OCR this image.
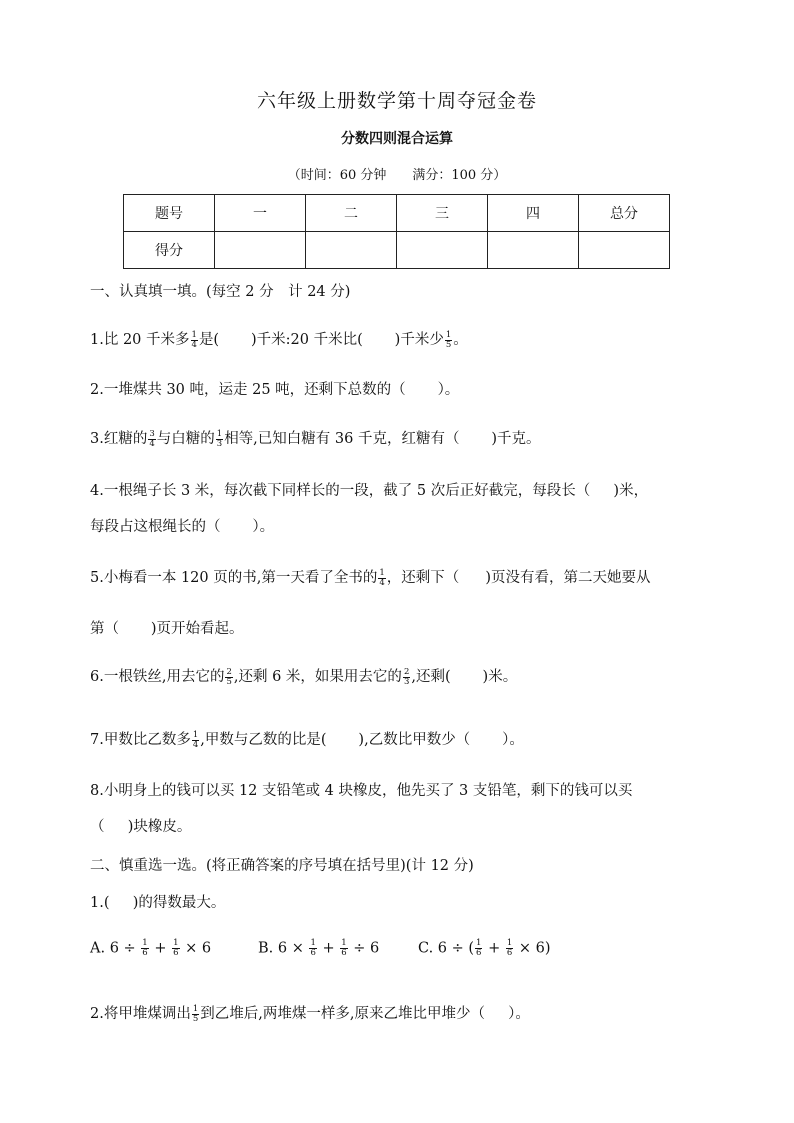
六年级上册数学第十周夺冠金卷
分数四则混合运算
（时间：60 分钟　　满分：100 分）
题号	一	二	三	四	总分
得分					
一、认真填一填。(每空 2 分　计 24 分)
1.比 20 千米多 $\frac{1}{4}$ 是( )千米:20 千米比( )千米少 $\frac{1}{5}$ 。
2.一堆煤共 30 吨，运走 25 吨，还剩下总数的（ ）。
3.红糖的 $\frac{3}{4}$ 与白糖的 $\frac{1}{3}$ 相等,已知白糖有 36 千克，红糖有（ )千克。
4.一根绳子长 3 米，每次截下同样长的一段，截了 5 次后正好截完，每段长（ )米，
每段占这根绳长的（ ）。
5.小梅看一本 120 页的书,第一天看了全书的 $\frac{1}{4}$ ，还剩下（ )页没有看，第二天她要从
第（ )页开始看起。
6.一根铁丝,用去它的 $\frac{2}{5}$ ,还剩 6 米，如果用去它的 $\frac{2}{3}$ ,还剩( )米。
7.甲数比乙数多 $\frac{1}{4}$ ,甲数与乙数的比是( ),乙数比甲数少（ ）。
8.小明身上的钱可以买 12 支铅笔或 4 块橡皮，他先买了 3 支铅笔，剩下的钱可以买
（ )块橡皮。
二、慎重选一选。(将正确答案的序号填在括号里)(计 12 分)
1.( )的得数最大。
A. $6 \div \frac{1}{6} + \frac{1}{6} \times 6$	B. $6 \times \frac{1}{6} + \frac{1}{6} \div 6$	C. 6 ÷ ( $\frac{1}{6} + \frac{1}{6} \times 6$)
2.将甲堆煤调出 $\frac{1}{5}$ 到乙堆后,两堆煤一样多,原来乙堆比甲堆少（ ）。
